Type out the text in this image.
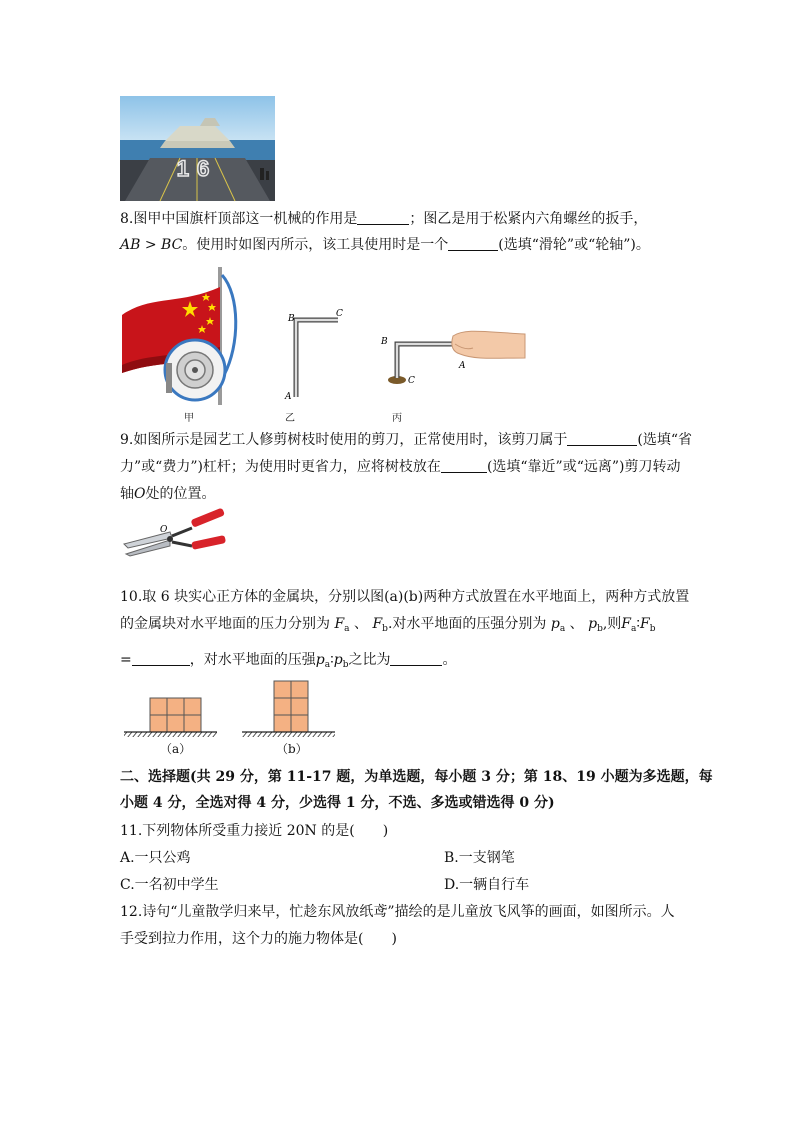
16
8.图甲中国旗杆顶部这一机械的作用是	；图乙是用于松紧内六角螺丝的扳手，
AB > BC。使用时如图丙所示，该工具使用时是一个	(选填“滑轮”或“轮轴”)。
B	C
A
B
C
A
甲	乙	丙
9.如图所示是园艺工人修剪树枝时使用的剪刀，正常使用时，该剪刀属于	(选填“省
力”或“费力”)杠杆；为使用时更省力，应将树枝放在	(选填“靠近”或“远离”)剪刀转动
轴O处的位置。
O
10.取 6 块实心正方体的金属块，分别以图(a)(b)两种方式放置在水平地面上，两种方式放置
的金属块对水平地面的压力分别为 $F_a$ 、 $F_b$.对水平地面的压强分别为 $p_a$ 、 $p_b$,则$F_a∶F_b$
=	，对水平地面的压强$p_a∶p_b$之比为	。
（a）	（b）
二、选择题(共 29 分，第 11-17 题，为单选题，每小题 3 分；第 18、19 小题为多选题，每
小题 4 分，全选对得 4 分，少选得 1 分，不选、多选或错选得 0 分)
11.下列物体所受重力接近 20N 的是(　　)
A.一只公鸡	B.一支钢笔
C.一名初中学生	D.一辆自行车
12.诗句“儿童散学归来早，忙趁东风放纸鸢”描绘的是儿童放飞风筝的画面，如图所示。人
手受到拉力作用，这个力的施力物体是(　　)
